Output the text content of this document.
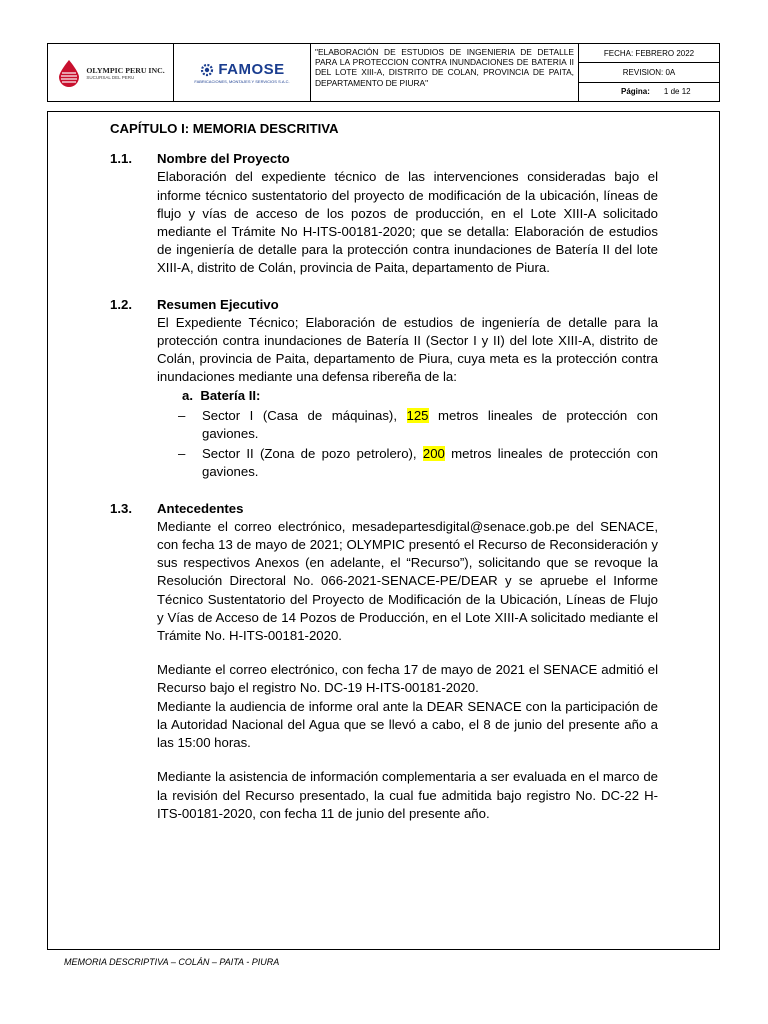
OLYMPIC PERU INC.
SUCURSAL DEL PERU	FAMOSE
FABRICACIONES, MONTAJES Y SERVICIOS S.A.C.
"ELABORACIÓN DE ESTUDIOS DE INGENIERIA DE DETALLE PARA LA PROTECCION CONTRA INUNDACIONES DE BATERIA II DEL LOTE XIII-A, DISTRITO DE COLAN, PROVINCIA DE PAITA, DEPARTAMENTO DE PIURA"
FECHA: FEBRERO 2022
REVISION: 0A
Página: 1 de 12
CAPÍTULO I: MEMORIA DESCRITIVA
1.1. Nombre del Proyecto
Elaboración del expediente técnico de las intervenciones consideradas bajo el informe técnico sustentatorio del proyecto de modificación de la ubicación, líneas de flujo y vías de acceso de los pozos de producción, en el Lote XIII-A solicitado mediante el Trámite No H-ITS-00181-2020; que se detalla: Elaboración de estudios de ingeniería de detalle para la protección contra inundaciones de Batería II del lote XIII-A, distrito de Colán, provincia de Paita, departamento de Piura.
1.2. Resumen Ejecutivo
El Expediente Técnico; Elaboración de estudios de ingeniería de detalle para la protección contra inundaciones de Batería II (Sector I y II) del lote XIII-A, distrito de Colán, provincia de Paita, departamento de Piura, cuya meta es la protección contra inundaciones mediante una defensa ribereña de la:
a. Batería II:
– Sector I (Casa de máquinas), 125 metros lineales de protección con gaviones.
– Sector II (Zona de pozo petrolero), 200 metros lineales de protección con gaviones.
1.3. Antecedentes
Mediante el correo electrónico, mesadepartesdigital@senace.gob.pe del SENACE, con fecha 13 de mayo de 2021; OLYMPIC presentó el Recurso de Reconsideración y sus respectivos Anexos (en adelante, el “Recurso”), solicitando que se revoque la Resolución Directoral No. 066-2021-SENACE-PE/DEAR y se apruebe el Informe Técnico Sustentatorio del Proyecto de Modificación de la Ubicación, Líneas de Flujo y Vías de Acceso de 14 Pozos de Producción, en el Lote XIII-A solicitado mediante el Trámite No. H-ITS-00181-2020.
Mediante el correo electrónico, con fecha 17 de mayo de 2021 el SENACE admitió el Recurso bajo el registro No. DC-19 H-ITS-00181-2020.
Mediante la audiencia de informe oral ante la DEAR SENACE con la participación de la Autoridad Nacional del Agua que se llevó a cabo, el 8 de junio del presente año a las 15:00 horas.
Mediante la asistencia de información complementaria a ser evaluada en el marco de la revisión del Recurso presentado, la cual fue admitida bajo registro No. DC-22 H-ITS-00181-2020, con fecha 11 de junio del presente año.
MEMORIA DESCRIPTIVA – COLÁN – PAITA - PIURA
